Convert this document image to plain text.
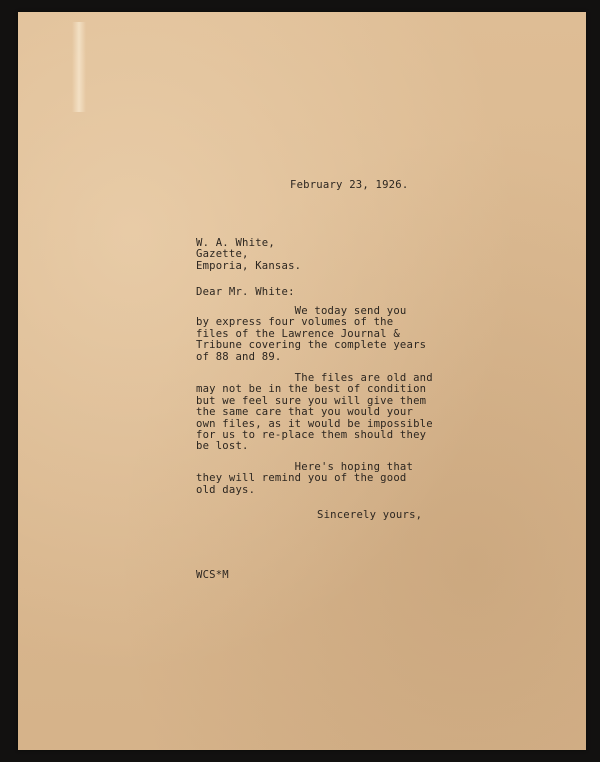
February 23, 1926.
W. A. White,
Gazette,
Emporia, Kansas.
Dear Mr. White:
We today send you
by express four volumes of the
files of the Lawrence Journal &
Tribune covering the complete years
of 88 and 89.
The files are old and
may not be in the best of condition
but we feel sure you will give them
the same care that you would your
own files, as it would be impossible
for us to re-place them should they
be lost.
Here's hoping that
they will remind you of the good
old days.
Sincerely yours,
WCS*M
